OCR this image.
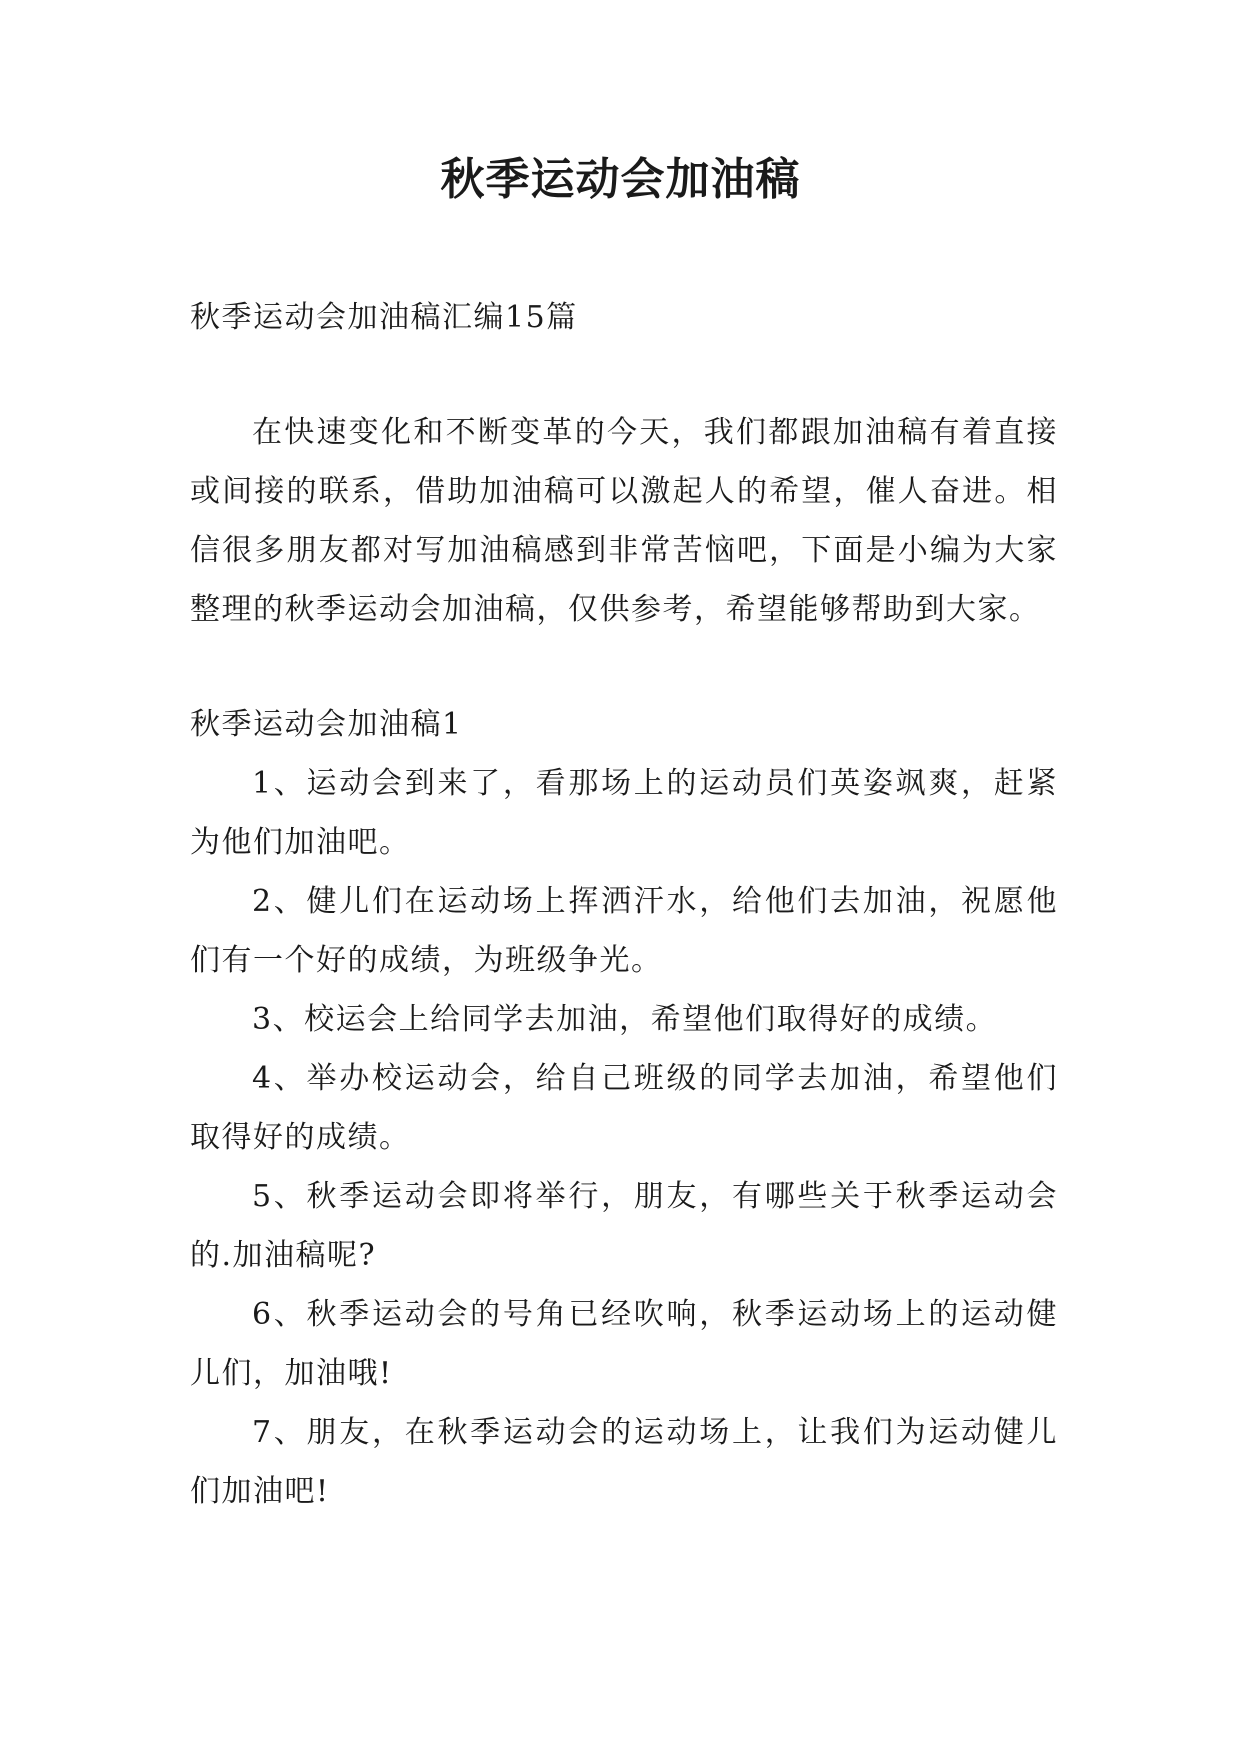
秋季运动会加油稿

秋季运动会加油稿汇编15篇

在快速变化和不断变革的今天，我们都跟加油稿有着直接或间接的联系，借助加油稿可以激起人的希望，催人奋进。相信很多朋友都对写加油稿感到非常苦恼吧，下面是小编为大家整理的秋季运动会加油稿，仅供参考，希望能够帮助到大家。

秋季运动会加油稿1

1、运动会到来了，看那场上的运动员们英姿飒爽，赶紧为他们加油吧。

2、健儿们在运动场上挥洒汗水，给他们去加油，祝愿他们有一个好的成绩，为班级争光。

3、校运会上给同学去加油，希望他们取得好的成绩。

4、举办校运动会，给自己班级的同学去加油，希望他们取得好的成绩。

5、秋季运动会即将举行，朋友，有哪些关于秋季运动会的.加油稿呢?

6、秋季运动会的号角已经吹响，秋季运动场上的运动健儿们，加油哦!

7、朋友，在秋季运动会的运动场上，让我们为运动健儿们加油吧!
